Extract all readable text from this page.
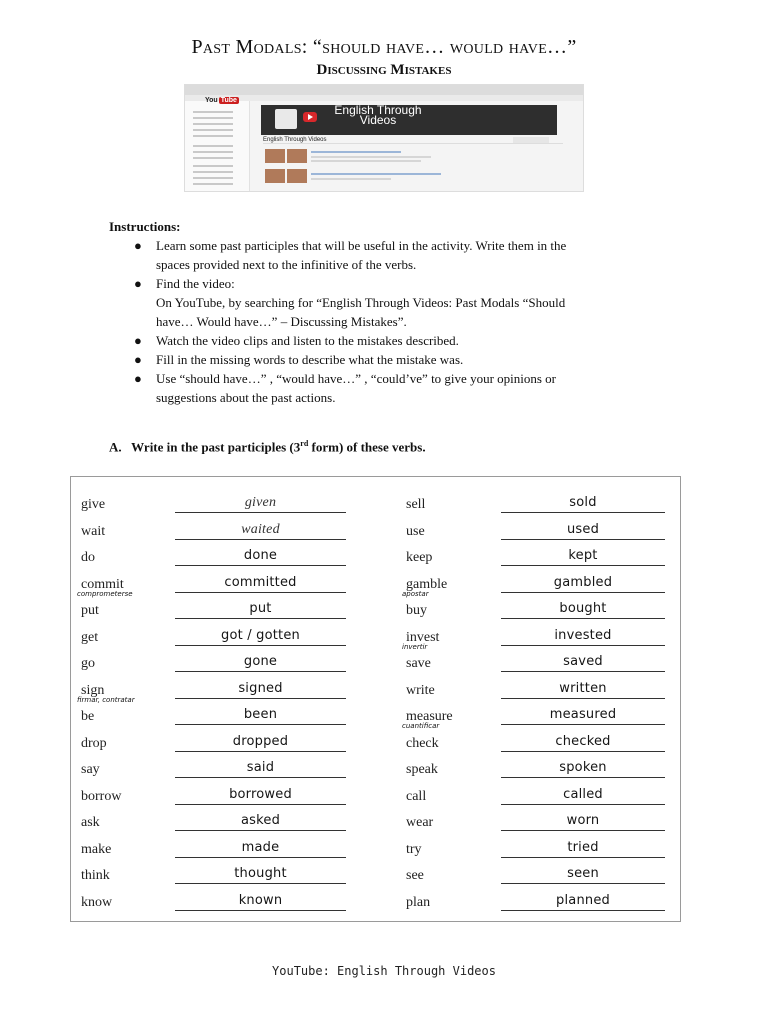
Past Modals: “should have… would have…”
Discussing Mistakes
You Tube
English Through Videos
English Through Videos
Instructions:
● Learn some past participles that will be useful in the activity. Write them in the
spaces provided next to the infinitive of the verbs.
● Find the video:
On YouTube, by searching for “English Through Videos: Past Modals “Should
have… Would have…” – Discussing Mistakes”.
● Watch the video clips and listen to the mistakes described.
● Fill in the missing words to describe what the mistake was.
● Use “should have…” , “would have…” , “could’ve” to give your opinions or
suggestions about the past actions.
A.  Write in the past participles (3rd form) of these verbs.
give	given
wait	waited
do	done
commit	committed
comprometerse
put	put
get	got / gotten
go	gone
sign	signed
firmar, contratar
be	been
drop	dropped
say	said
borrow	borrowed
ask	asked
make	made
think	thought
know	known
sell	sold
use	used
keep	kept
gamble	gambled
apostar
buy	bought
invest	invested
invertir
save	saved
write	written
measure	measured
cuantificar
check	checked
speak	spoken
call	called
wear	worn
try	tried
see	seen
plan	planned
YouTube: English Through Videos
